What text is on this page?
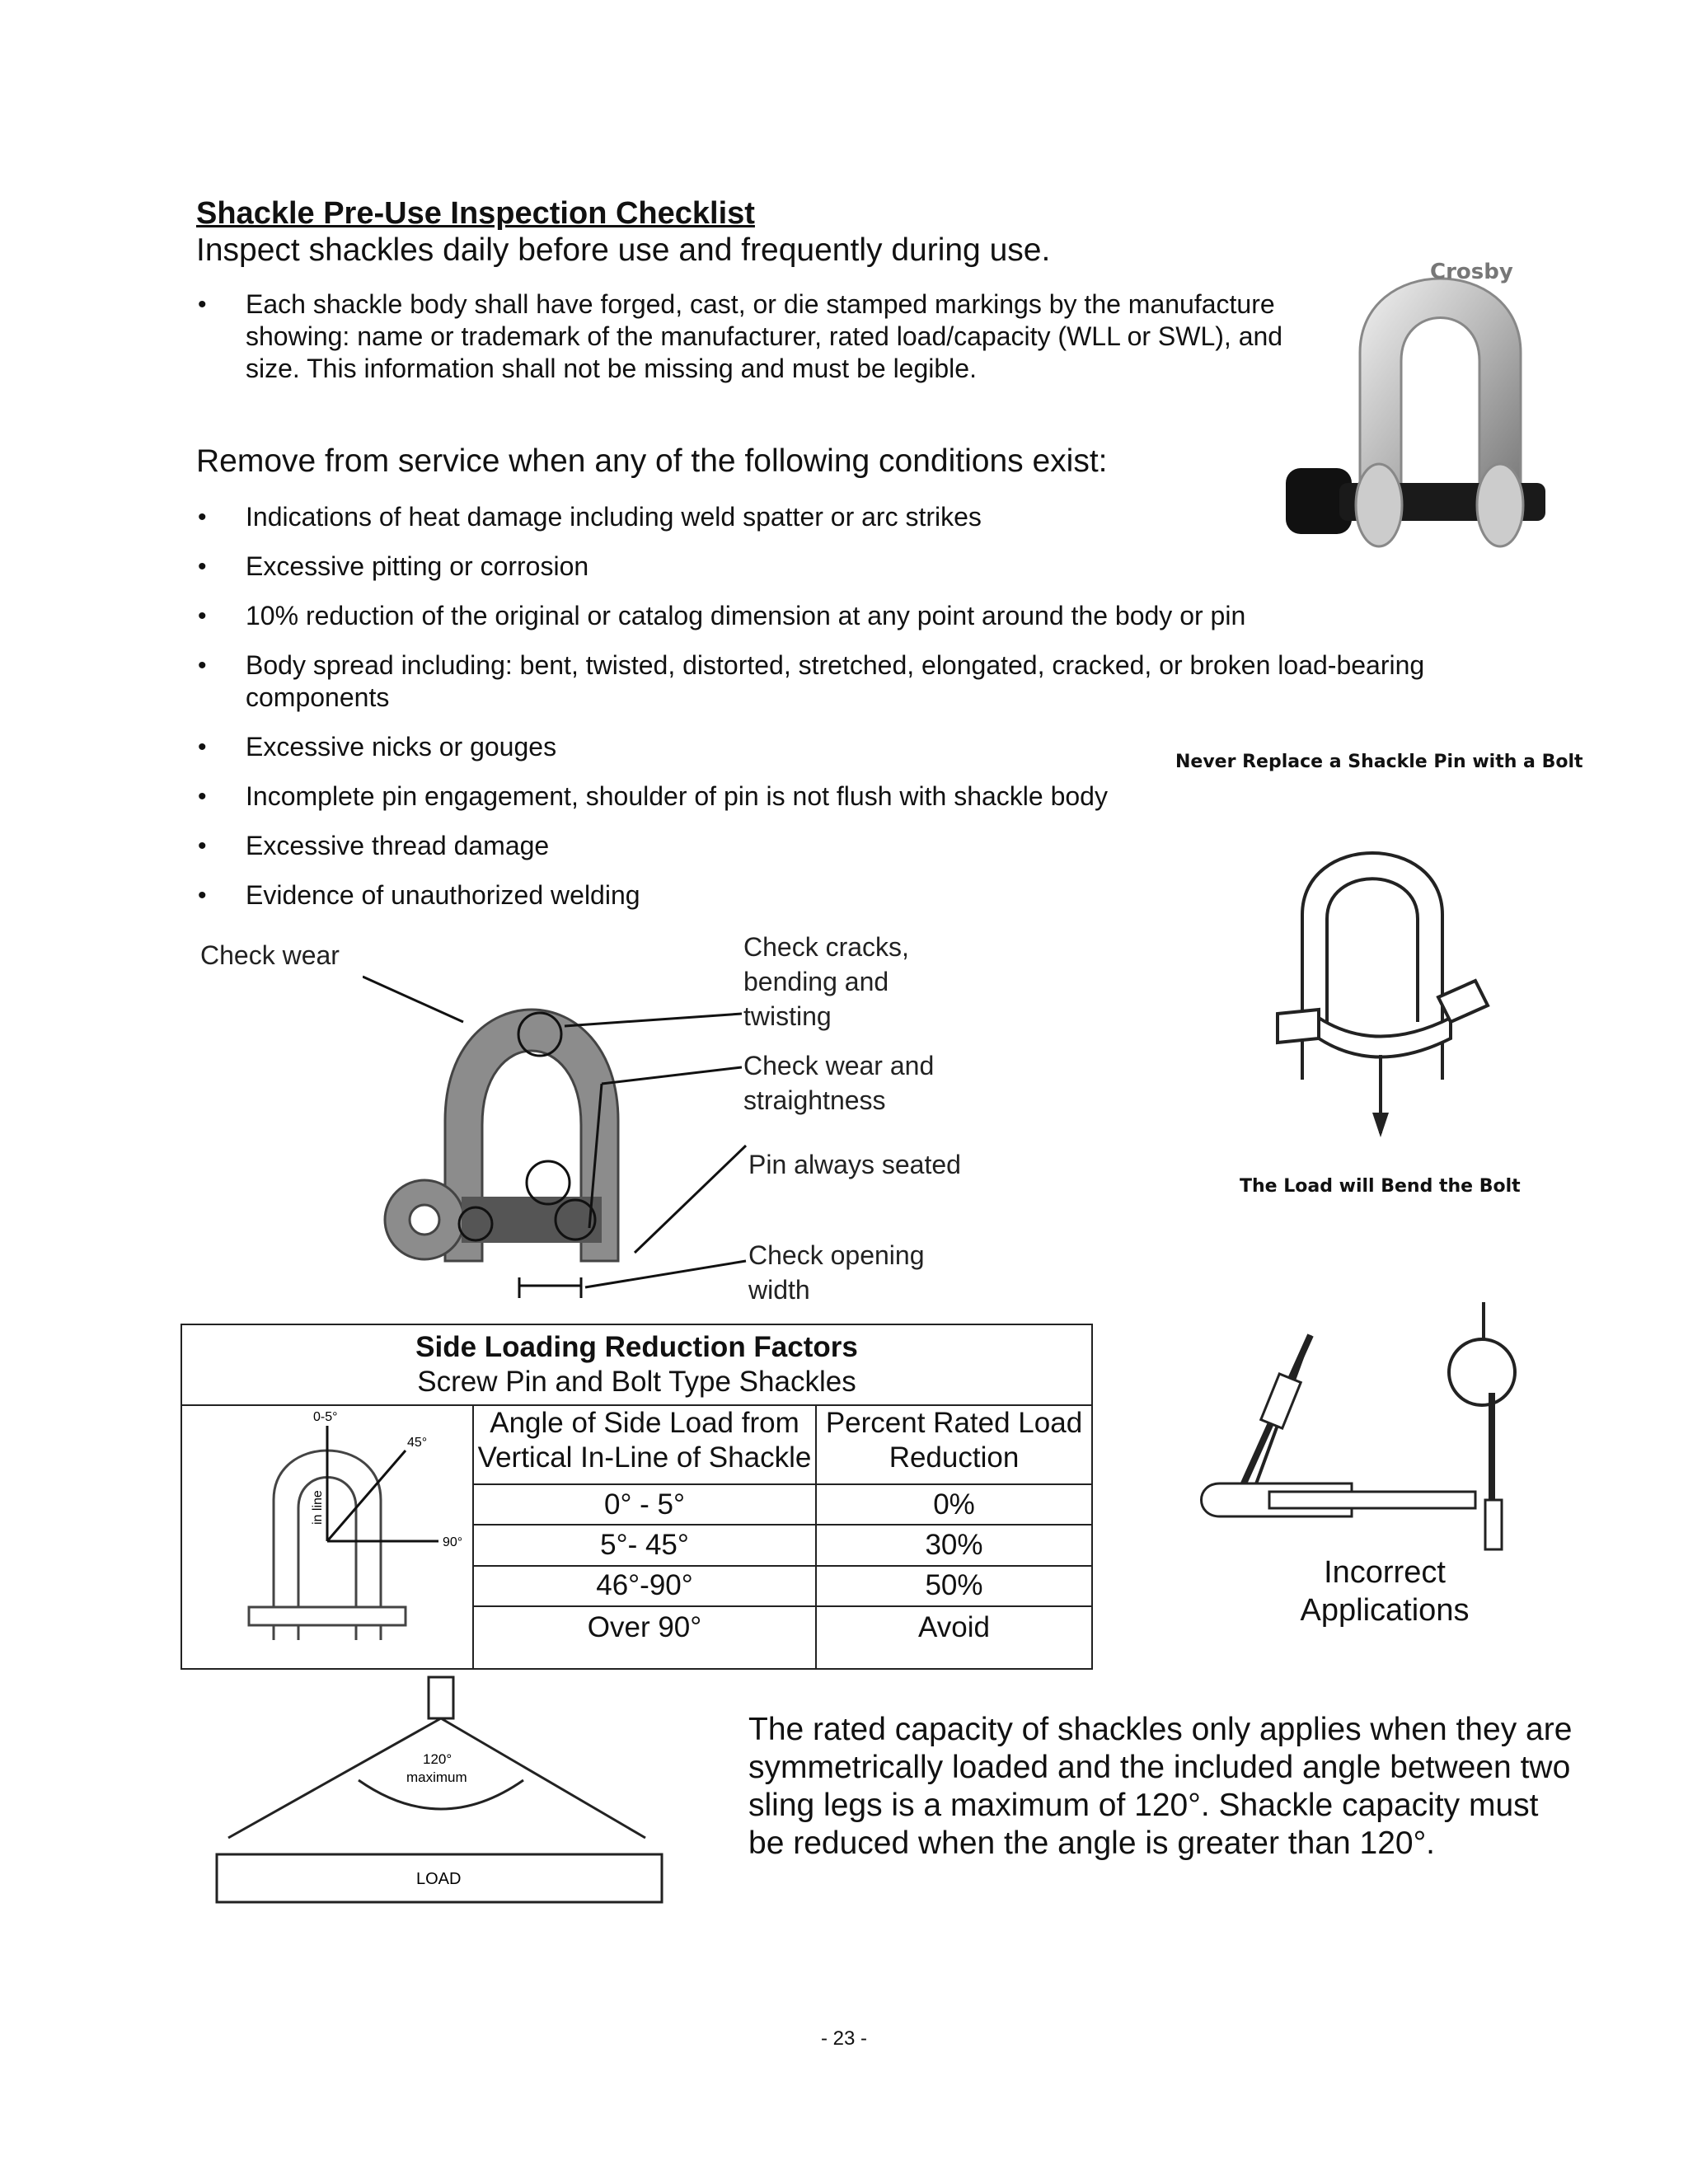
Shackle Pre-Use Inspection Checklist
Inspect shackles daily before use and frequently during use.
• Each shackle body shall have forged, cast, or die stamped markings by the manufacture showing: name or trademark of the manufacturer, rated load/capacity (WLL or SWL), and size. This information shall not be missing and must be legible.
Crosby
Remove from service when any of the following conditions exist:
• Indications of heat damage including weld spatter or arc strikes
• Excessive pitting or corrosion
• 10% reduction of the original or catalog dimension at any point around the body or pin
• Body spread including: bent, twisted, distorted, stretched, elongated, cracked, or broken load-bearing components
• Excessive nicks or gouges
• Incomplete pin engagement, shoulder of pin is not flush with shackle body
• Excessive thread damage
• Evidence of unauthorized welding
Never Replace a Shackle Pin with a Bolt
The Load will Bend the Bolt
Check wear	Check cracks,
bending and
twisting
Check wear and
straightness
Pin always seated
Check opening
width
Side Loading Reduction Factors
Screw Pin and Bolt Type Shackles		

0-5°
45°
90°
in line	Angle of Side Load from Vertical In-Line of Shackle	Percent Rated Load Reduction
	0° - 5°	0%
	5°- 45°	30%
	46°-90°	50%
	Over 90°	Avoid
Incorrect
Applications
120°
maximum
LOAD
The rated capacity of shackles only applies when they are symmetrically loaded and the included angle between two sling legs is a maximum of 120°. Shackle capacity must be reduced when the angle is greater than 120°.
- 23 -
